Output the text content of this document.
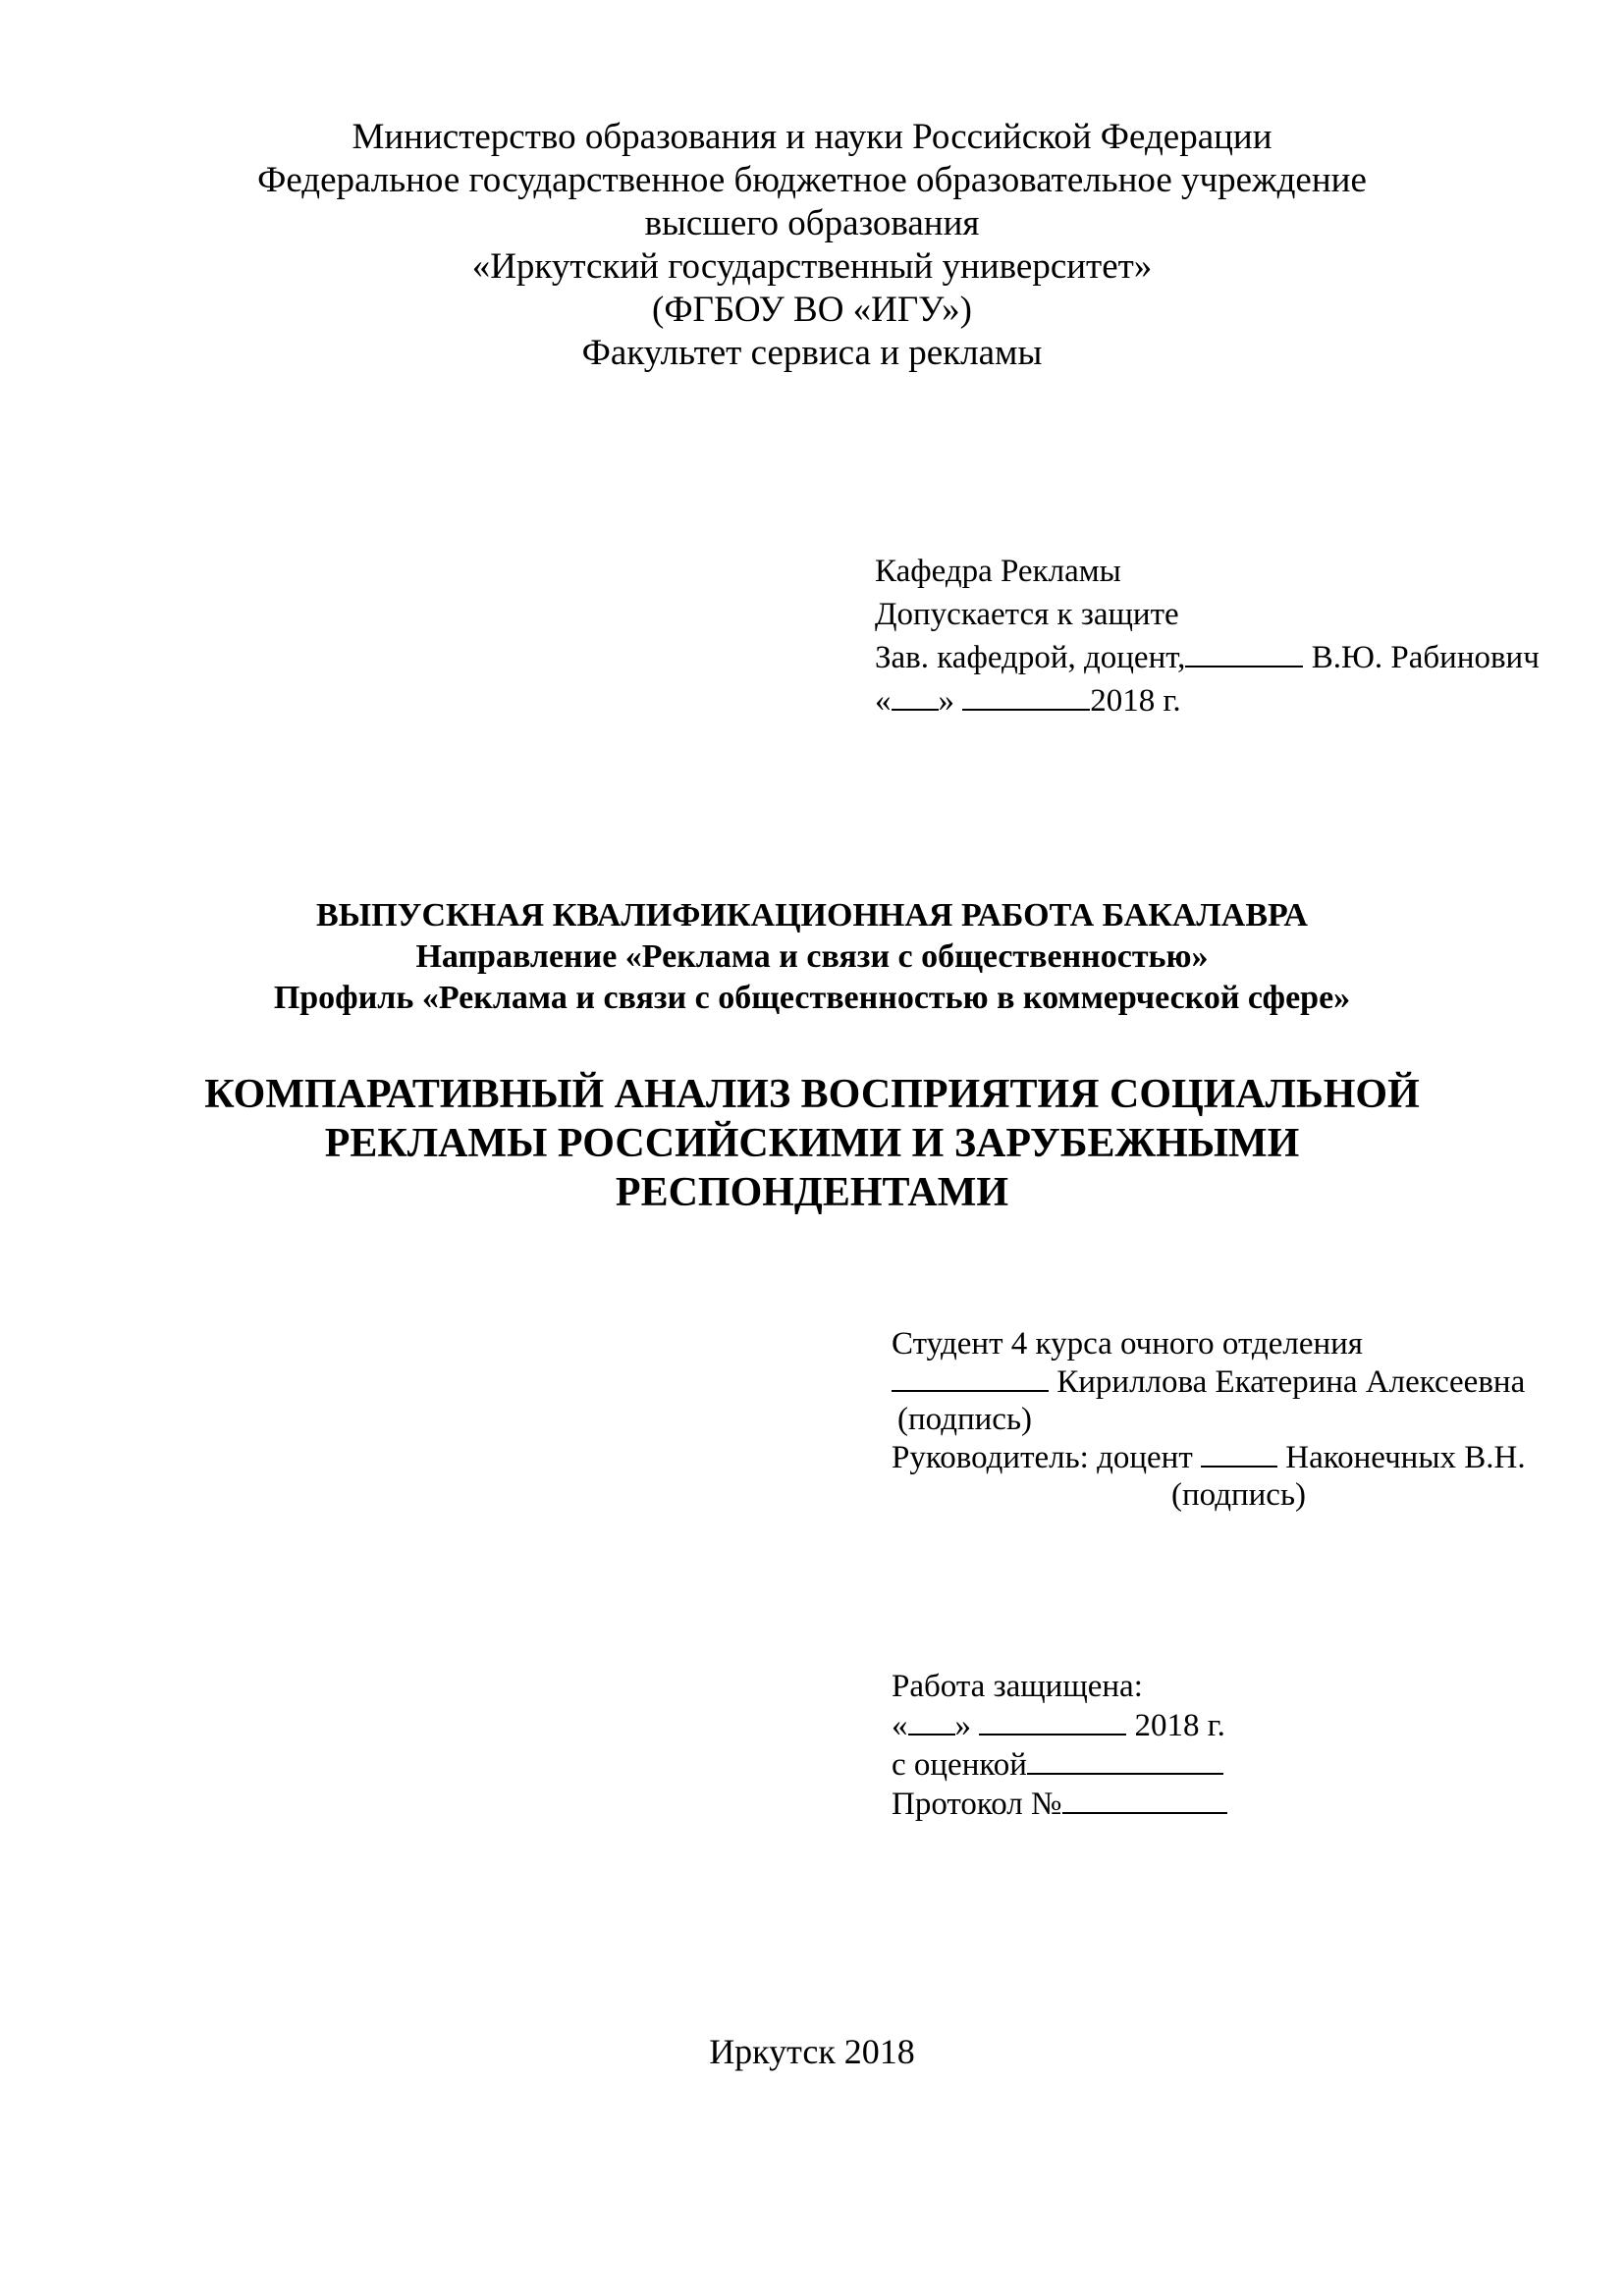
Министерство образования и науки Российской Федерации
Федеральное государственное бюджетное образовательное учреждение
высшего образования
«Иркутский государственный университет»
(ФГБОУ ВО «ИГУ»)
Факультет сервиса и рекламы
Кафедра Рекламы
Допускается к защите
Зав. кафедрой, доцент,	В.Ю. Рабинович
« »	2018 г.
ВЫПУСКНАЯ КВАЛИФИКАЦИОННАЯ РАБОТА БАКАЛАВРА
Направление «Реклама и связи с общественностью»
Профиль «Реклама и связи с общественностью в коммерческой сфере»
КОМПАРАТИВНЫЙ АНАЛИЗ ВОСПРИЯТИЯ СОЦИАЛЬНОЙ
РЕКЛАМЫ РОССИЙСКИМИ И ЗАРУБЕЖНЫМИ
РЕСПОНДЕНТАМИ
Студент 4 курса очного отделения
Кириллова Екатерина Алексеевна
(подпись)
Руководитель: доцент  Наконечных В.Н.
(подпись)
Работа защищена:
« »	2018 г.
с оценкой
Протокол №
Иркутск 2018
